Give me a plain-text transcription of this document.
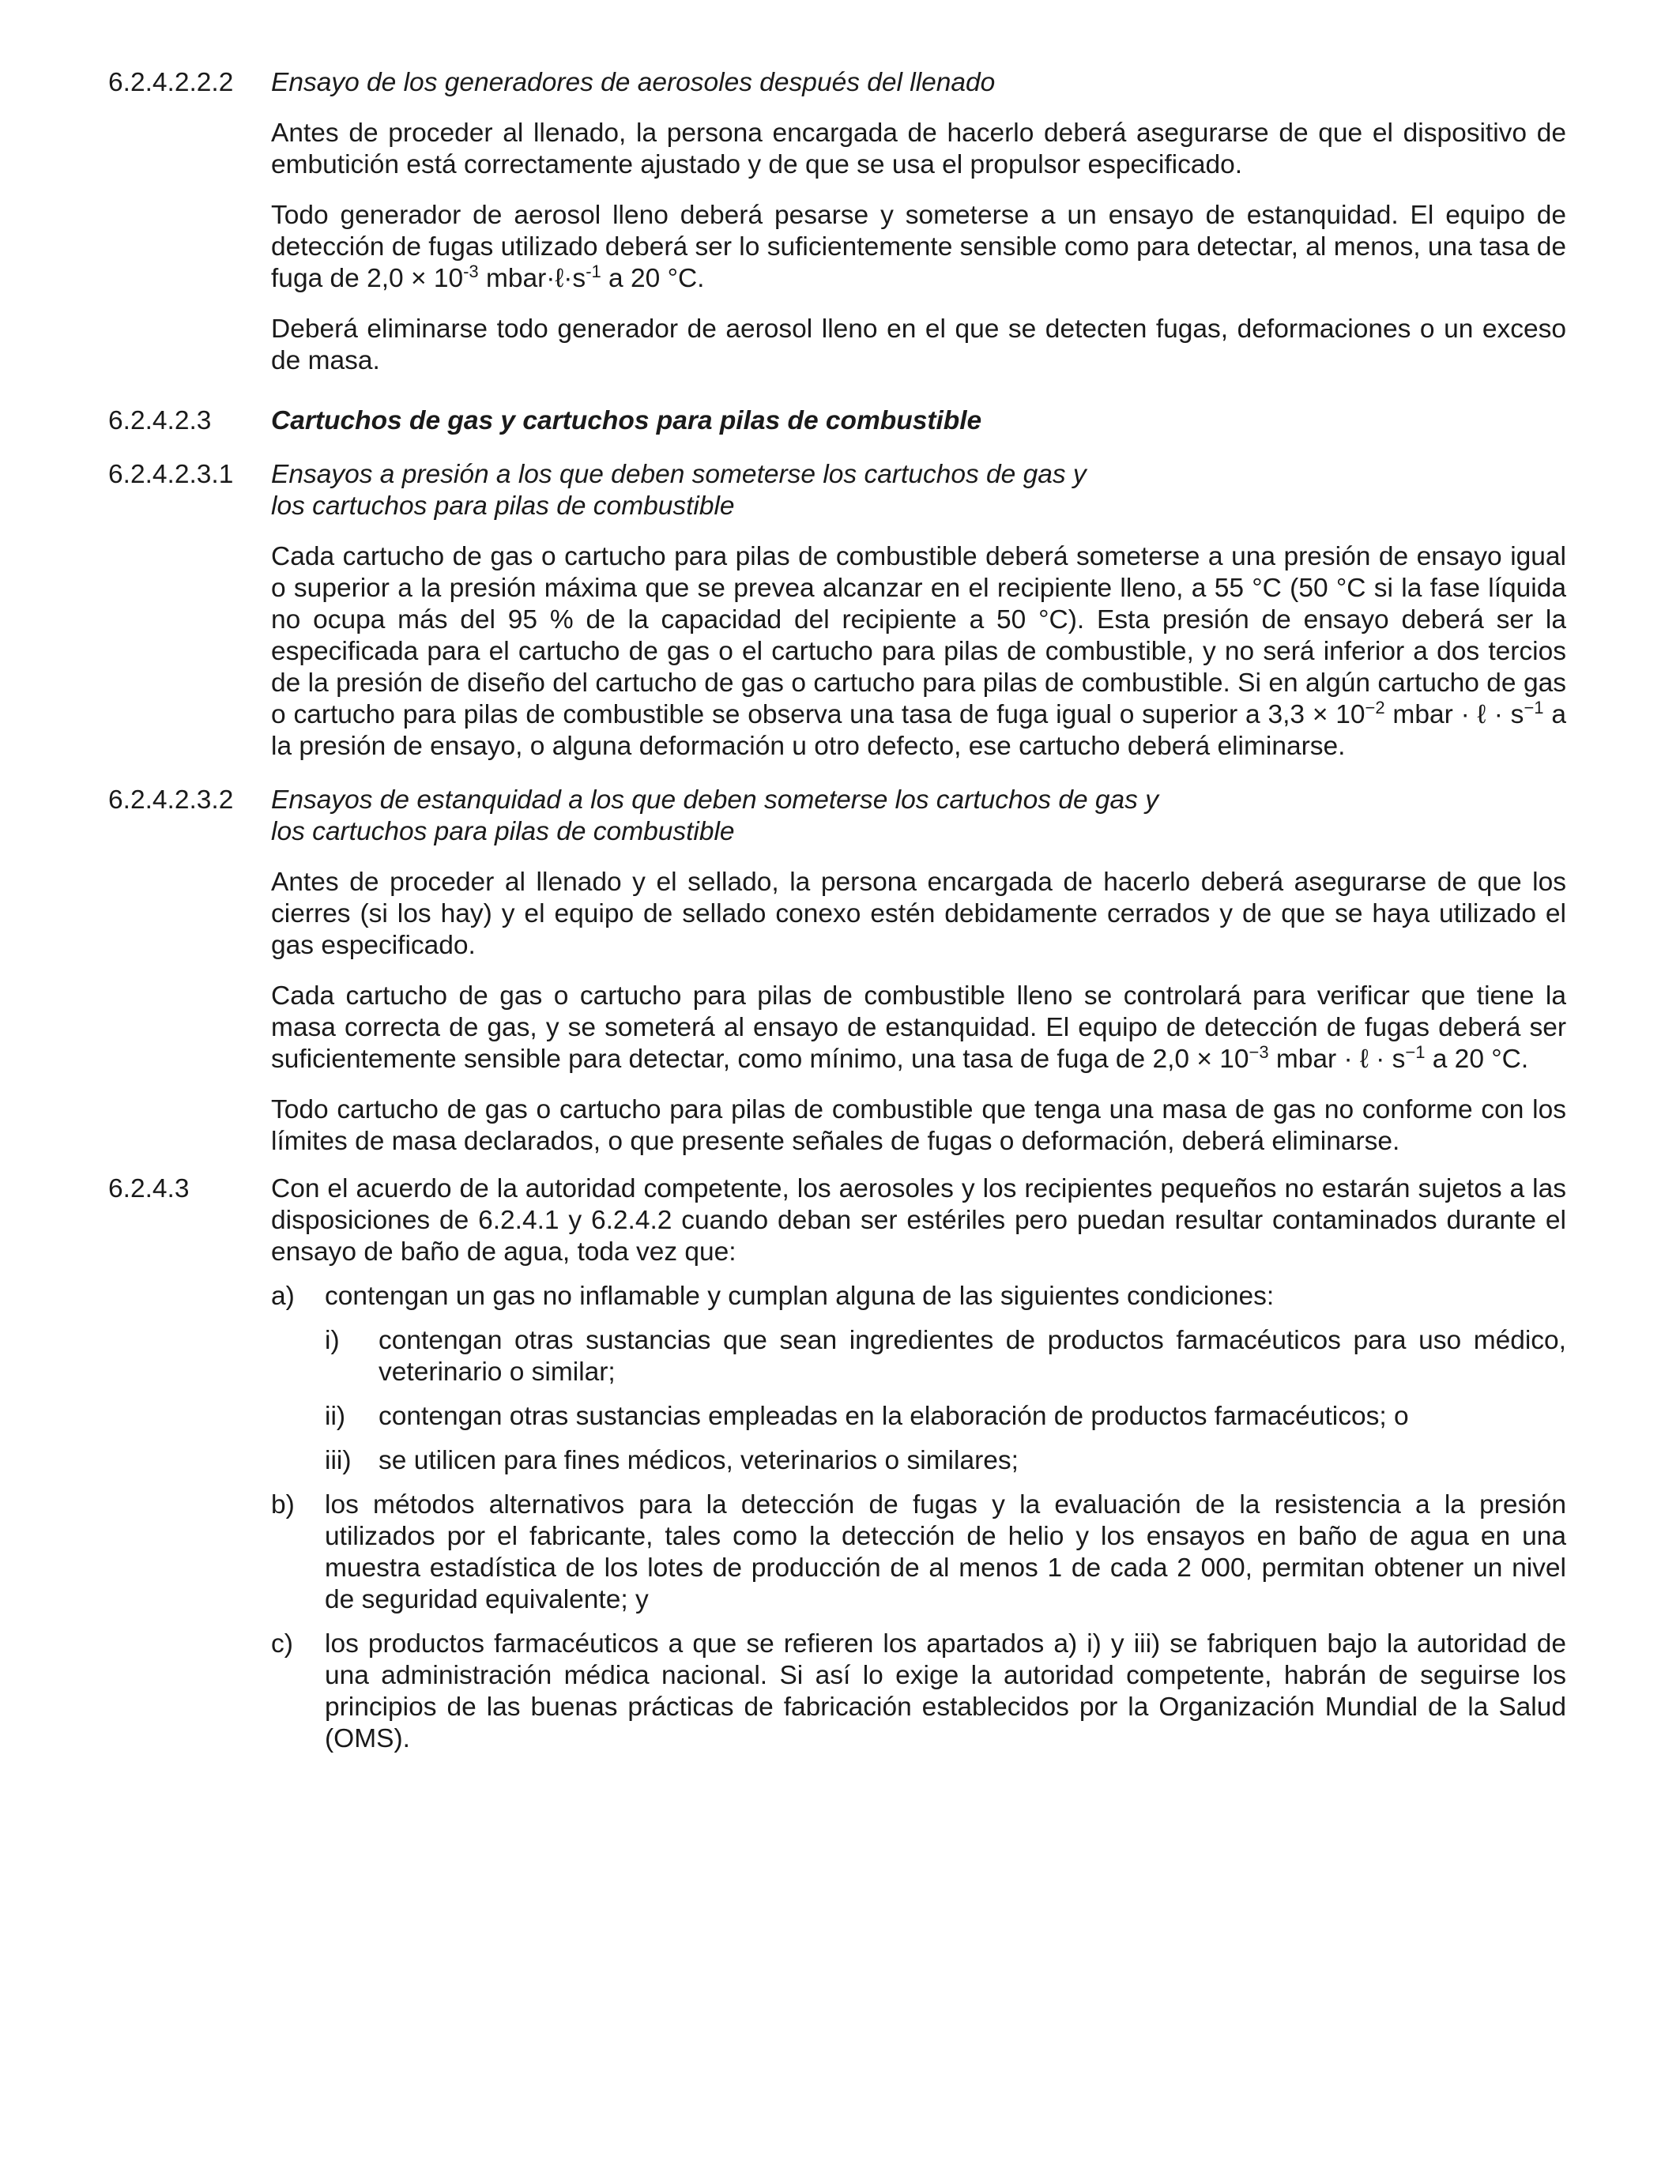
6.2.4.2.2.2 Ensayo de los generadores de aerosoles después del llenado

Antes de proceder al llenado, la persona encargada de hacerlo deberá asegurarse de que el dispositivo de embutición está correctamente ajustado y de que se usa el propulsor especificado.

Todo generador de aerosol lleno deberá pesarse y someterse a un ensayo de estanquidad. El equipo de detección de fugas utilizado deberá ser lo suficientemente sensible como para detectar, al menos, una tasa de fuga de $2,0 \times 10^{-3}$ $mbar\cdot\ell\cdot s^{-1}$ a 20 °C.

Deberá eliminarse todo generador de aerosol lleno en el que se detecten fugas, deformaciones o un exceso de masa.

6.2.4.2.3 Cartuchos de gas y cartuchos para pilas de combustible
6.2.4.2.3.1 Ensayos a presión a los que deben someterse los cartuchos de gas y
los cartuchos para pilas de combustible

Cada cartucho de gas o cartucho para pilas de combustible deberá someterse a una presión de ensayo igual o superior a la presión máxima que se prevea alcanzar en el recipiente lleno, a 55 °C (50 °C si la fase líquida no ocupa más del 95 % de la capacidad del recipiente a 50 °C). Esta presión de ensayo deberá ser la especificada para el cartucho de gas o el cartucho para pilas de combustible, y no será inferior a dos tercios de la presión de diseño del cartucho de gas o cartucho para pilas de combustible. Si en algún cartucho de gas o cartucho para pilas de combustible se observa una tasa de fuga igual o superior a $3,3 \times 10^{-2}$ mbar · ℓ · $s^{-1}$ a la presión de ensayo, o alguna deformación u otro defecto, ese cartucho deberá eliminarse.

6.2.4.2.3.2 Ensayos de estanquidad a los que deben someterse los cartuchos de gas y
los cartuchos para pilas de combustible

Antes de proceder al llenado y el sellado, la persona encargada de hacerlo deberá asegurarse de que los cierres (si los hay) y el equipo de sellado conexo estén debidamente cerrados y de que se haya utilizado el gas especificado.

Cada cartucho de gas o cartucho para pilas de combustible lleno se controlará para verificar que tiene la masa correcta de gas, y se someterá al ensayo de estanquidad. El equipo de detección de fugas deberá ser suficientemente sensible para detectar, como mínimo, una tasa de fuga de $2,0 \times 10^{-3}$ mbar · ℓ · $s^{-1}$ a 20 °C.

Todo cartucho de gas o cartucho para pilas de combustible que tenga una masa de gas no conforme con los límites de masa declarados, o que presente señales de fugas o deformación, deberá eliminarse.

6.2.4.3	Con el acuerdo de la autoridad competente, los aerosoles y los recipientes pequeños no estarán sujetos a las disposiciones de 6.2.4.1 y 6.2.4.2 cuando deban ser estériles pero puedan resultar contaminados durante el ensayo de baño de agua, toda vez que:

a) contengan un gas no inflamable y cumplan alguna de las siguientes condiciones:

i) contengan otras sustancias que sean ingredientes de productos farmacéuticos para uso médico, veterinario o similar;

ii) contengan otras sustancias empleadas en la elaboración de productos farmacéuticos; o

iii) se utilicen para fines médicos, veterinarios o similares;

b) los métodos alternativos para la detección de fugas y la evaluación de la resistencia a la presión utilizados por el fabricante, tales como la detección de helio y los ensayos en baño de agua en una muestra estadística de los lotes de producción de al menos 1 de cada 2 000, permitan obtener un nivel de seguridad equivalente; y

c) los productos farmacéuticos a que se refieren los apartados a) i) y iii) se fabriquen bajo la autoridad de una administración médica nacional. Si así lo exige la autoridad competente, habrán de seguirse los principios de las buenas prácticas de fabricación establecidos por la Organización Mundial de la Salud (OMS).
